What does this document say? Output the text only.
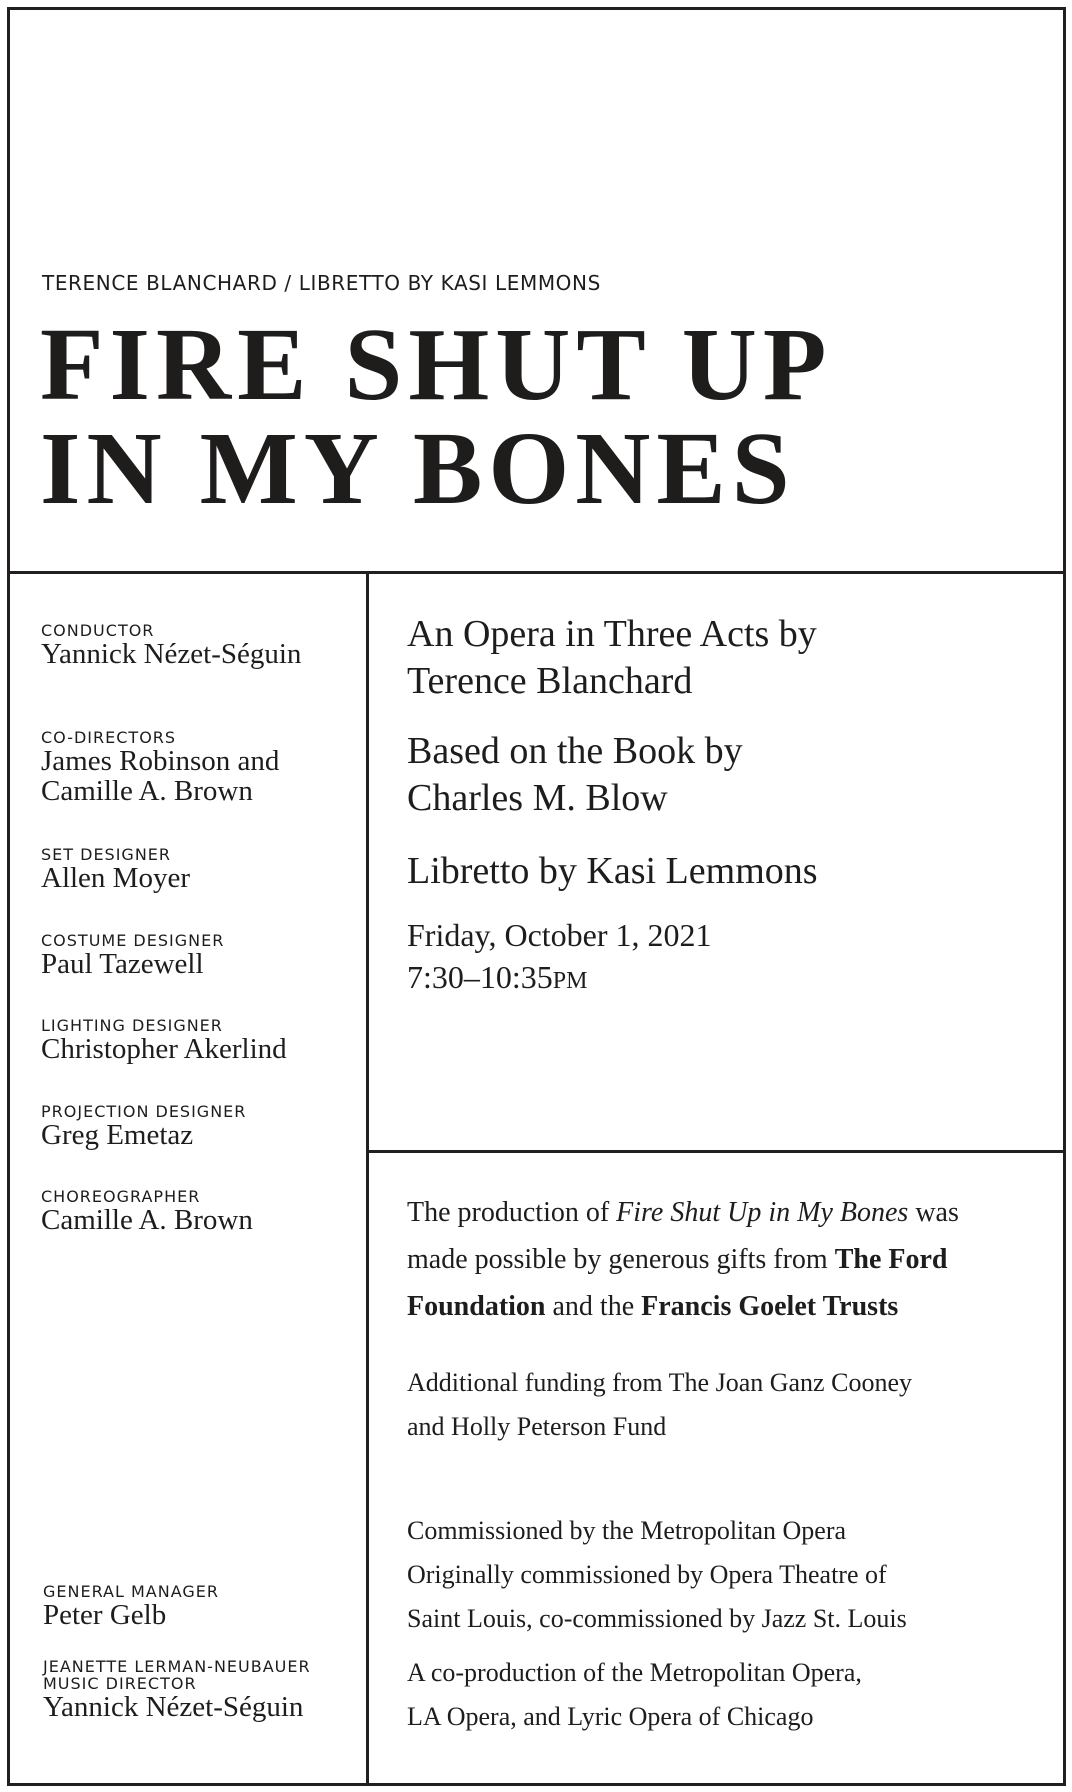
TERENCE BLANCHARD / LIBRETTO BY KASI LEMMONS
FIRE SHUT UP
IN MY BONES
CONDUCTOR
Yannick Nézet-Séguin
CO-DIRECTORS
James Robinson and
Camille A. Brown
SET DESIGNER
Allen Moyer
COSTUME DESIGNER
Paul Tazewell
LIGHTING DESIGNER
Christopher Akerlind
PROJECTION DESIGNER
Greg Emetaz
CHOREOGRAPHER
Camille A. Brown
GENERAL MANAGER
Peter Gelb
JEANETTE LERMAN-NEUBAUER
MUSIC DIRECTOR
Yannick Nézet-Séguin
An Opera in Three Acts by
Terence Blanchard
Based on the Book by
Charles M. Blow
Libretto by Kasi Lemmons
Friday, October 1, 2021
7:30–10:35PM
The production of Fire Shut Up in My Bones was
made possible by generous gifts from The Ford
Foundation and the Francis Goelet Trusts
Additional funding from The Joan Ganz Cooney
and Holly Peterson Fund
Commissioned by the Metropolitan Opera
Originally commissioned by Opera Theatre of
Saint Louis, co-commissioned by Jazz St. Louis
A co-production of the Metropolitan Opera,
LA Opera, and Lyric Opera of Chicago
